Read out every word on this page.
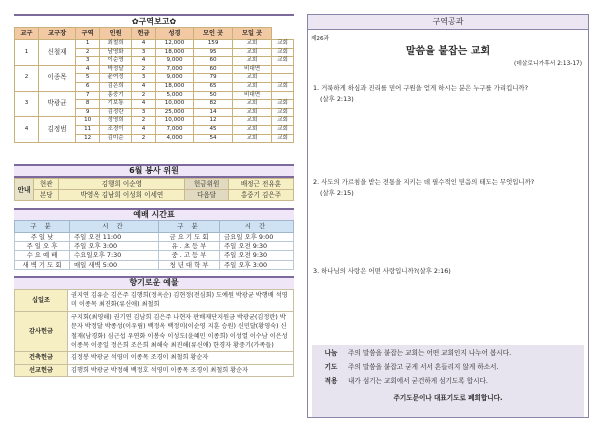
✿구역보고✿
교구	교구장	구역	인원	헌금	성경	모인 곳	모일 곳	
1	신철재	1	최철희	4	12,000	159	교회	교회
		2	남영화	3	18,000	95	교회	교회
		3	이순영	4	9,000	60	교회	교회
2	이종목	4	박정달	2	7,000	60	비대면	
		5	윤여정	3	9,000	79	교회	
		6	김은희	4	18,000	65	교회	교회
3	박광균	7	홍중기	2	5,000	50	비대면	
		8	기보통	4	10,000	82	교회	교회
		9	김정란	3	25,000	14	교회	교회
4	김정범	10	정영희	2	10,000	12	교회	교회
		11	조경이	4	7,000	45	교회	교회
		12	김미순	2	4,000	54	교회	교회
6월 봉사 위원
안내	현관	김행희 이순영	헌금위원	배정근 전유훈
	본당	박영옥 김남희 이성희 이세연	다음달	홍중기 김은주
예배 시간표
구 분	시 간	구 분	시 간
주 일 낮	주일 오전 11:00	금 요 기 도 회	금요일 오후 9:00
주 일 오 후	주일 오후 3:00	유 . 초 등 부	주일 오전 9:30
수 요 예 배	수요일오후 7:30	중 . 고 등 부	주일 오전 9:30
새 벽 기 도 회	매일 새벽 5:00	청 년 대 학 부	주일 오후 3:00
향기로운 예물
십일조	권지연 김유순 김은주 김행희(정옥순) 김현정(전심회) 도예원 박광균 박행배 석영미 이종목 최진화(류신애) 최철희
감사헌금	구지회(최영해) 권기연 김남희 김은주 나현자 판배재단지원금 박광균(김정란) 박문자 박정달 박종성(이우림) 백정옥 백정미(이순영 지훈 승원) 신민달(황영숙) 신철재(남경화) 심근섭 우연화 이봉숙 이성도(윤혜민 이종희) 이성열 이수남 이은성 이종목 이중일 정은희 조은희 최해숙 최진해(류신애) 한경자 황중기(가족들)
건축헌금	김정봉 박광균 석영미 이종목 조경이 최철희 황순자
선교헌금	김행희 박광균 박정해 백정호 석영미 이종목 조경이 최철희 황순자
구역공과
제26과
말씀을 붙잡는 교회
(데살로니가후서 2:13-17)
1. 거룩하게 하심과 진리를 믿어 구원을 얻게 하시는 분은 누구를 가리킵니까?
(살후 2:13)
2. 사도의 가르침을 받는 전통을 지키는 데 필수적인 믿음의 태도는 무엇입니까?
(살후 2:15)
3. 하나님의 사랑은 어떤 사랑입니까?(살후 2:16)
나눔	주의 말씀을 붙잡는 교회는 어떤 교회인지 나누어 봅시다.
기도	주의 말씀을 붙잡고 굳게 서서 흔들리지 않게 하소서.
적용	내가 섬기는 교회에서 굳건하게 섬기도록 합시다.
주기도문이나 대표기도로 폐회합니다.
